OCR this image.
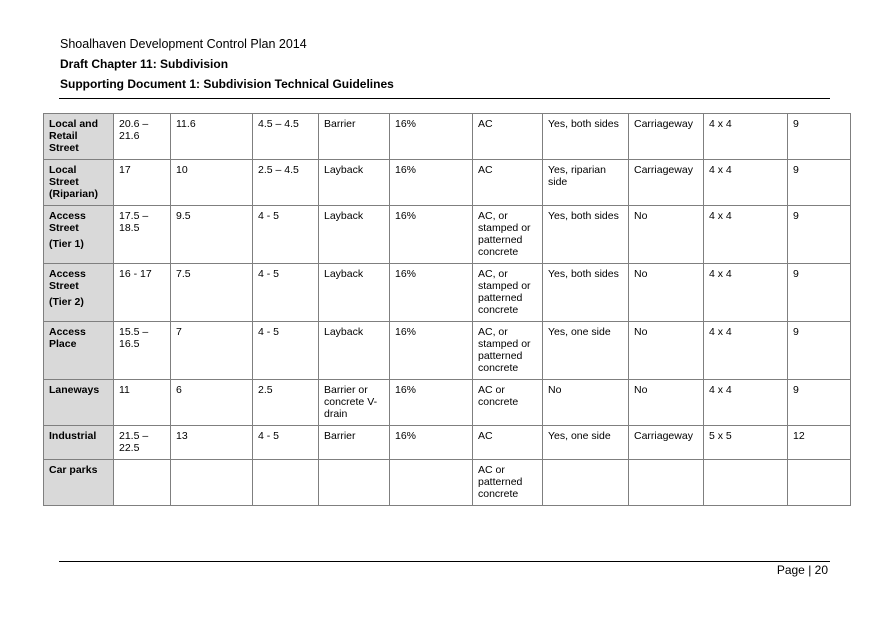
Shoalhaven Development Control Plan 2014
Draft Chapter 11: Subdivision
Supporting Document 1: Subdivision Technical Guidelines
Local and Retail Street	20.6 – 21.6	11.6	4.5 – 4.5	Barrier	16%	AC	Yes, both sides	Carriageway	4 x 4	9

Local Street (Riparian)	17	10	2.5 – 4.5	Layback	16%	AC	Yes, riparian side	Carriageway	4 x 4	9

Access Street
(Tier 1)	17.5 – 18.5	9.5	4 - 5	Layback	16%	AC, or stamped or patterned concrete	Yes, both sides	No	4 x 4	9

Access Street
(Tier 2)	16 - 17	7.5	4 - 5	Layback	16%	AC, or stamped or patterned concrete	Yes, both sides	No	4 x 4	9

Access Place	15.5 – 16.5	7	4 - 5	Layback	16%	AC, or stamped or patterned concrete	Yes, one side	No	4 x 4	9

Laneways	11	6	2.5	Barrier or concrete V-drain	16%	AC or concrete	No	No	4 x 4	9

Industrial	21.5 – 22.5	13	4 - 5	Barrier	16%	AC	Yes, one side	Carriageway	5 x 5	12

Car parks						AC or patterned concrete				
Page | 20
